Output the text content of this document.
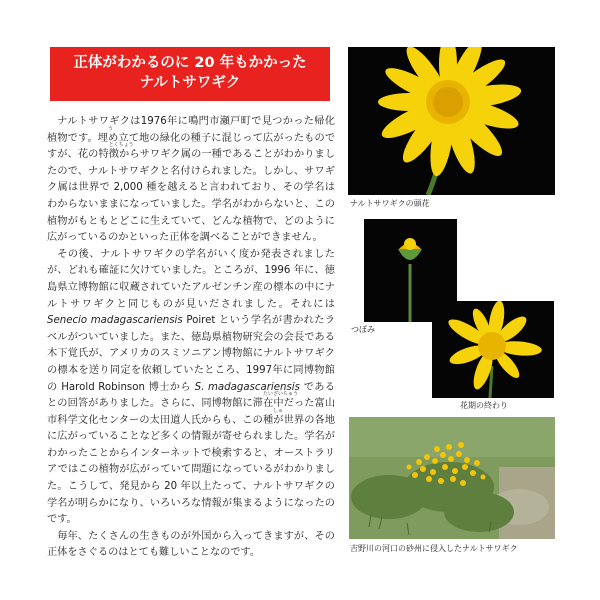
正体がわかるのに 20 年もかかった
ナルトサワギク

ナルトサワギクは1976年に鳴門市瀬戸町で見つかった帰化植物です。埋め立
う
て地の緑化の種子に混じって広がったものですが、花の特徴
とくちょう
からサワギク属の一種であることがわかりましたので、ナルトサワギクと名付けられました。しかし、サワギク属は世界で 2,000 種を越えると言われており、その学名はわからないままになっていました。学名がわからないと、この植物がもともとどこに生えていて、どんな植物で、どのように広がっているのかといった正体を調べることができません。

その後、ナルトサワギクの学名がいく度か発表されましたが、どれも確証に欠けていました。ところが、1996 年に、徳島県立博物館に収蔵されていたアルゼンチン産の標本の中にナルトサワギクと同じものが見いだされました。それにはSenecio madagascariensis Poiret という学名が書かれたラベルがついていました。また、徳島県植物研究会の会長である木下覚氏が、アメリカのスミソニアン博物館にナルトサワギクの標本を送り同定を依頼していたところ、1997年に同博物館の Harold Robinson 博士から S. madagascariensis であるとの回答がありました。さらに、同博物館に滞在中
たいざいちゅう
だった富山市科学文化センターの太田道人氏からも、この種
しゅ
が世界の各地に広がっていることなど多くの情報が寄せられました。学名がわかったことからインターネットで検索すると、オーストラリアではこの植物が広がっていて問題になっているがわかりました。こうして、発見から 20 年以上たって、ナルトサワギクの学名が明らかになり、いろいろな情報が集まるようになったのです。

毎年、たくさんの生きものが外国から入ってきますが、その正体をさぐるのはとても難しいことなのです。

ナルトサワギクの頭花
つぼみ
花期の終わり
吉野川の河口の砂州に侵入したナルトサワギク
